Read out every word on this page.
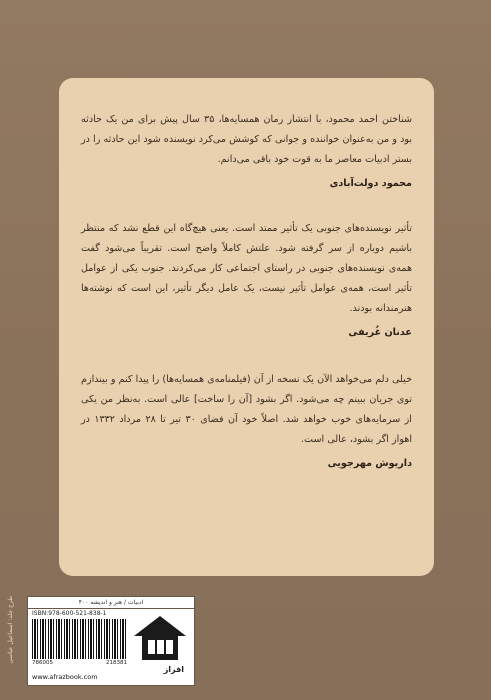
شناختن احمد محمود، با انتشار رمان همسایه‌ها، ۳۵ سال پیش برای من یک حادثه بود و من به‌عنوان خواننده و جوانی که کوشش می‌کرد نویسنده شود این حادثه را در بستر ادبیات معاصر ما به قوت خود باقی می‌دانم.

محمود دولت‌آبادی

تأثیر نویسنده‌های جنوبی یک تأثیر ممتد است. یعنی هیچ‌گاه این قطع نشد که منتظر باشیم دوباره از سر گرفته شود. علتش کاملاً واضح است. تقریباً می‌شود گفت همه‌ی نویسنده‌های جنوبی در راستای اجتماعی کار می‌کردند. جنوب یکی از عوامل تأثیر است، همه‌ی عوامل تأثیر نیست، یک عامل دیگر تأثیر، این است که نوشته‌ها هنرمندانه بودند.

عدنان غُریفی

خیلی دلم می‌خواهد الآن یک نسخه از آن (فیلمنامه‌ی همسایه‌ها) را پیدا کنم و بیندازم توی جریان ببینم چه می‌شود. اگر بشود [آن را ساخت] عالی است. به‌نظر من یکی از سرمایه‌های خوب خواهد شد. اصلاً خود آن فضای ۳۰ تیر تا ۲۸ مرداد ۱۳۳۲ در اهواز اگر بشود، عالی است.

داریوش مهرجویی

طرح جلد: اسماعیل عباسی	ادبیات / هنر و اندیشه ۴۰۰
ISBN:978-600-521-838-1
786005	218381
www.afrazbook.com
افراز
